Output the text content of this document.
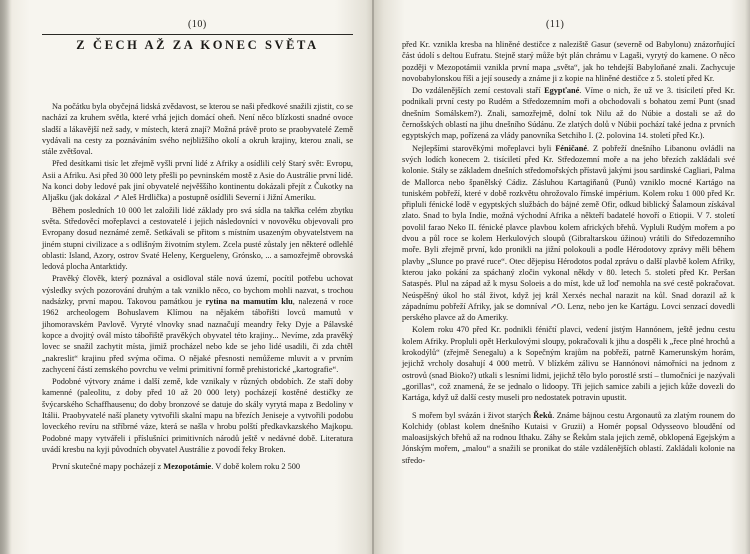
(10)
Z ČECH AŽ ZA KONEC SVĚTA

Na počátku byla obyčejná lidská zvědavost, se kterou se naši předkové snažili zjistit, co se nachází za kruhem světla, které vrhá jejich domácí oheň. Není něco blízkosti snadné ovoce sladší a lákavější než sady, v místech, která znají? Možná právě proto se praobyvatelé Země vydávali na cesty za poznáváním svého nejbližšího okolí a okruh krajiny, kterou znali, se stále zvětšoval.

Před desítkami tisíc let zřejmě vyšli první lidé z Afriky a osídlili celý Starý svět: Evropu, Asii a Afriku. Asi před 30 000 lety přešli po pevninském mostě z Asie do Austrálie první lidé. Na konci doby ledové pak jiní obyvatelé nejvěššího kontinentu dokázali přejít z Čukotky na Aljašku (jak dokázal ↗ Aleš Hrdlička) a postupně osídlili Severní i Jižní Ameriku.

Během posledních 10 000 let založili lidé základy pro svá sídla na takřka celém zbytku světa. Středověcí mořeplavci a cestovatelé i jejich následovníci v novověku objevovali pro Evropany dosud neznámé země. Setkávali se přitom s místním usazeným obyvatelstvem na jiném stupni civilizace a s odlišným životním stylem. Zcela pusté zůstaly jen některé odlehlé oblasti: Island, Azory, ostrov Svaté Heleny, Kergueleny, Grónsko, ... a samozřejmě obrovská ledová plocha Antarktidy.

Pravěký člověk, který poznával a osidloval stále nová území, pocítil potřebu uchovat výsledky svých pozorování druhým a tak vzniklo něco, co bychom mohli nazvat, s trochou nadsázky, první mapou. Takovou památkou je rytina na mamutím klu, nalezená v roce 1962 archeologem Bohuslavem Klímou na nějakém tábořišti lovců mamutů v jihomoravském Pavlově. Vyryté vlnovky snad naznačují meandry řeky Dyje a Pálavské kopce a dvojitý ovál místo tábořiště pravěkých obyvatel této krajiny... Nevíme, zda pravěký lovec se snažil zachytit místa, jimiž procházel nebo kde se jeho lidé usadili, či zda chtěl „nakreslit“ krajinu před svýma očima. O nějaké přesnosti nemůžeme mluvit a v prvním zachycení částí zemského povrchu ve velmi primitivní formě prehistorické „kartografie“.

Podobné výtvory známe i další země, kde vznikaly v různých obdobích. Ze staří doby kamenné (paleolitu, z doby před 10 až 20 000 lety) pocházejí kostěné destičky ze švýcarského Schaffhausenu; do doby bronzové se datuje do skály vyrytá mapa z Bedoliny v Itálii. Praobyvatelé naší planety vytvořili skalní mapu na březích Jeniseje a vytvořili podobu loveckého revíru na stříbrné váze, která se našla v hrobu polští předkavkazského Majkopu. Podobné mapy vytvářeli i příslušníci primitivních národů ještě v nedávné době. Literatura uvádí kresbu na kyji původních obyvatel Austrálie z povodí řeky Broken.

První skutečné mapy pocházejí z Mezopotámie. V době kolem roku 2 500

(11)

před Kr. vznikla kresba na hliněné destičce z naleziště Gasur (severně od Babylonu) znázorňující část údolí s deltou Eufratu. Stejně starý může být plán chrámu v Lagaši, vyrytý do kamene. O něco později v Mezopotámii vznikla první mapa „světa“, jak ho tehdejší Babyloňané znali. Zachycuje novobabylonskou říši a její sousedy a známe ji z kopie na hliněné destičce z 5. století před Kr.

Do vzdálenějších zemí cestovali staří Egypťané. Víme o nich, že už ve 3. tisíciletí před Kr. podnikali první cesty po Rudém a Středozemním moři a obchodovali s bohatou zemí Punt (snad dnešním Somálskem?). Znali, samozřejmě, dolní tok Nilu až do Núbie a dostali se až do černošských oblastí na jihu dnešního Súdánu. Ze zlatých dolů v Núbii pochází také jedna z prvních egyptských map, pořízená za vlády panovníka Setchiho I. (2. polovina 14. století před Kr.).

Nejlepšími starověkými mořeplavci byli Féničané. Z pobřeží dnešního Libanonu ovládli na svých lodích konecem 2. tisíciletí před Kr. Středozemní moře a na jeho březích zakládali své kolonie. Stály se základem dnešních středomořských přístavů jakými jsou sardinské Cagliari, Palma de Mallorca nebo španělský Cádiz. Zásluhou Kartagiňanů (Punů) vzniklo mocné Kartágo na tuniském pobřeží, které v době rozkvětu ohrožovalo římské impérium. Kolem roku 1 000 před Kr. připluli fénické lodě v egyptských službách do bájné země Ofir, odkud biblický Šalamoun získával zlato. Snad to byla Indie, možná východní Afrika a někteří badatelé hovoří o Etiopii. V 7. století povolil farao Neko II. fénické plavce plavbou kolem afrických břehů. Vypluli Rudým mořem a po dvou a půl roce se kolem Herkulových sloupů (Gibraltarskou úžinou) vrátili do Středozemního moře. Byli zřejmě první, kdo pronikli na jižní polokouli a podle Hérodotovy zprávy měli během plavby „Slunce po pravé ruce“. Otec dějepisu Hérodotos podal zprávu o další plavbě kolem Afriky, kterou jako pokání za spáchaný zločin vykonal někdy v 80. letech 5. století před Kr. Peršan Sataspés. Plul na západ až k mysu Soloeis a do míst, kde už loď nemohla na své cestě pokračovat. Neúspěšný úkol ho stál život, když jej král Xerxés nechal narazit na kůl. Snad dorazil až k západnímu pobřeží Afriky, jak se domníval ↗O. Lenz, nebo jen ke Kartágu. Lovci senzací dovedli perského plavce až do Ameriky.

Kolem roku 470 před Kr. podnikli féničtí plavci, vedení jistým Hannónem, ještě jednu cestu kolem Afriky. Propluli opět Herkulovými sloupy, pokračovali k jihu a dospěli k „řece plné hrochů a krokodýlů“ (zřejmě Senegalu) a k Sopečným krajům na pobřeží, patrně Kamerunským horám, jejichž vrcholy dosahují 4 000 metrů. V blízkém zálivu se Hannónovi námořníci na jednom z ostrovů (snad Bioko?) utkali s lesními lidmi, jejichž tělo bylo porostlé srstí – tlumočníci je nazývali „gorillas“, což znamená, že se jednalo o lidoopy. Tři jejich samice zabili a jejich kůže dovezli do Kartága, když už další cesty museli pro nedostatek potravin upustit.

S mořem byl svázán i život starých Řeků. Známe bájnou cestu Argonautů za zlatým rounem do Kolchidy (oblast kolem dnešního Kutaisi v Gruzii) a Homér popsal Odysseovo bloudění od maloasijských břehů až na rodnou Ithaku. Záhy se Řekům stala jejich země, obklopená Egejským a Jónským mořem, „malou“ a snažili se pronikat do stále vzdálenějších oblastí. Zakládali kolonie na středo-
